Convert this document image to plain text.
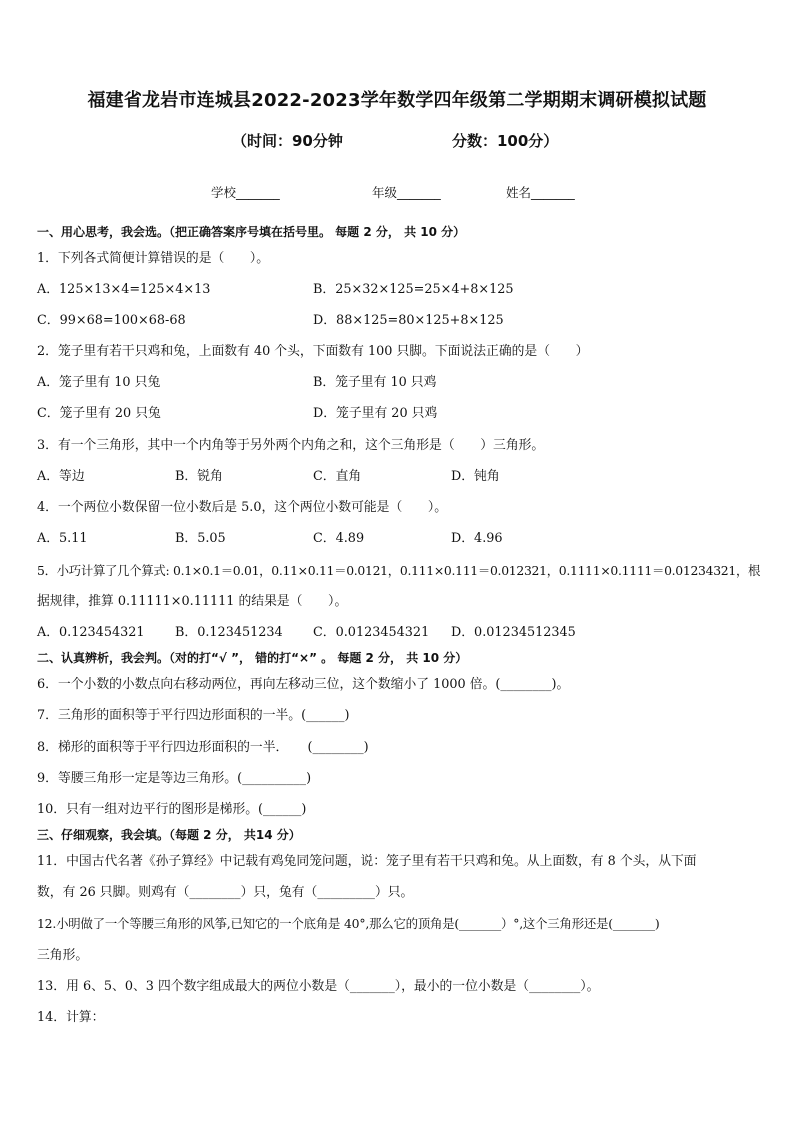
福建省龙岩市连城县2022-2023学年数学四年级第二学期期末调研模拟试题
（时间：90分钟	分数：100分）
学校_______	年级_______	姓名_______
一、用心思考，我会选。（把正确答案序号填在括号里。 每题 2 分， 共 10 分）
1．下列各式简便计算错误的是（　　）。
A．125×13×4=125×4×13	B．25×32×125=25×4+8×125
C．99×68=100×68-68	D．88×125=80×125+8×125
2．笼子里有若干只鸡和兔，上面数有 40 个头，下面数有 100 只脚。下面说法正确的是（　　）
A．笼子里有 10 只兔	B．笼子里有 10 只鸡
C．笼子里有 20 只兔	D．笼子里有 20 只鸡
3．有一个三角形，其中一个内角等于另外两个内角之和，这个三角形是（　　）三角形。
A．等边	B．锐角	C．直角	D．钝角
4．一个两位小数保留一位小数后是 5.0，这个两位小数可能是（　　）。
A．5.11	B．5.05	C．4.89	D．4.96
5．小巧计算了几个算式: 0.1×0.1＝0.01，0.11×0.11＝0.0121，0.111×0.111＝0.012321，0.1111×0.1111＝0.01234321，根
据规律，推算 0.11111×0.11111 的结果是（　　）。
A．0.123454321 B．0.123451234 C．0.0123454321 D．0.01234512345
二、认真辨析，我会判。（对的打“√ ”， 错的打“×” 。 每题 2 分， 共 10 分）
6．一个小数的小数点向右移动两位，再向左移动三位，这个数缩小了 1000 倍。(________)。
7．三角形的面积等于平行四边形面积的一半。(______)
8．梯形的面积等于平行四边形面积的一半．　　(________)
9．等腰三角形一定是等边三角形。(__________)
10．只有一组对边平行的图形是梯形。(______)
三、仔细观察，我会填。（每题 2 分， 共14 分）
11．中国古代名著《孙子算经》中记载有鸡兔同笼问题，说：笼子里有若干只鸡和兔。从上面数，有 8 个头，从下面
数，有 26 只脚。则鸡有（________）只，兔有（_________）只。
12.小明做了一个等腰三角形的风筝,已知它的一个底角是 40°,那么它的顶角是(_______）°,这个三角形还是(_______)
三角形。
13．用 6、5、0、3 四个数字组成最大的两位小数是（_______），最小的一位小数是（________）。
14．计算：
